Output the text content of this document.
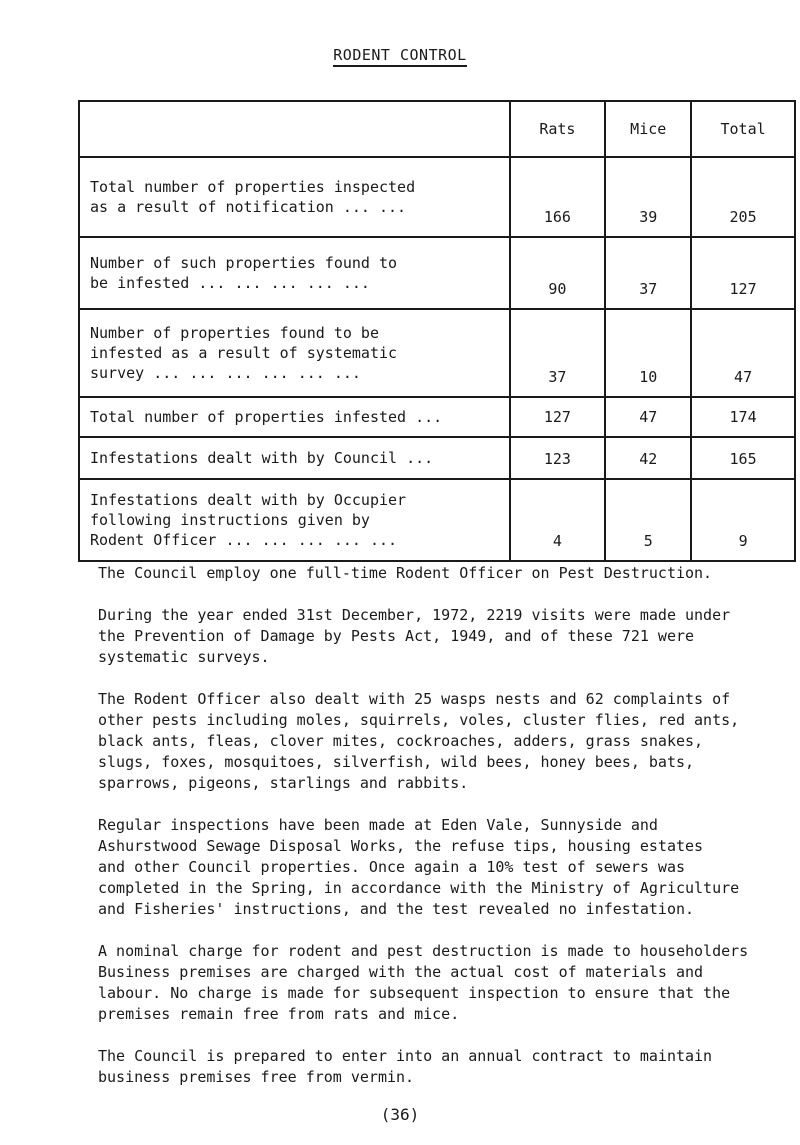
RODENT CONTROL
	Rats	Mice	Total
Total number of properties inspected
as a result of notification ... ...	166	39	205
Number of such properties found to
be infested ... ... ... ... ...	90	37	127
Number of properties found to be
infested as a result of systematic
survey ... ... ... ... ... ...	37	10	47
Total number of properties infested ...	127	47	174
Infestations dealt with by Council ...	123	42	165
Infestations dealt with by Occupier
following instructions given by
Rodent Officer ... ... ... ... ...	4	5	9

The Council employ one full-time Rodent Officer on Pest Destruction.

During the year ended 31st December, 1972, 2219 visits were made under
the Prevention of Damage by Pests Act, 1949, and of these 721 were
systematic surveys.

The Rodent Officer also dealt with 25 wasps nests and 62 complaints of
other pests including moles, squirrels, voles, cluster flies, red ants,
black ants, fleas, clover mites, cockroaches, adders, grass snakes,
slugs, foxes, mosquitoes, silverfish, wild bees, honey bees, bats,
sparrows, pigeons, starlings and rabbits.

Regular inspections have been made at Eden Vale, Sunnyside and
Ashurstwood Sewage Disposal Works, the refuse tips, housing estates
and other Council properties. Once again a 10% test of sewers was
completed in the Spring, in accordance with the Ministry of Agriculture
and Fisheries' instructions, and the test revealed no infestation.

A nominal charge for rodent and pest destruction is made to householders
Business premises are charged with the actual cost of materials and
labour. No charge is made for subsequent inspection to ensure that the
premises remain free from rats and mice.

The Council is prepared to enter into an annual contract to maintain
business premises free from vermin.

(36)
